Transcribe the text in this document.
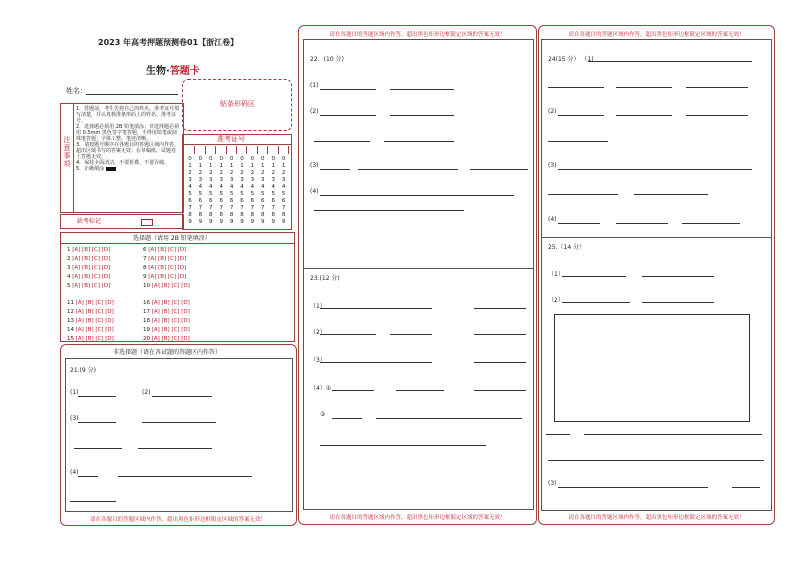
2023 年高考押题预测卷01【浙江卷】
生物·答题卡
姓名：
贴条形码区
注意事项
1．答题前，考生先将自己的姓名、准考证号填写清楚，并认真核准条形码上的姓名、准考证号。
2．选择题必须用 2B 铅笔填涂；非选择题必须用 0.5mm 黑色签字笔答题，不得用铅笔或圆珠笔答题；字体工整、笔迹清晰。
3．请按题号顺序在各题目的答题区域内作答，超出区域书写的答案无效；在草稿纸、试题卷上答题无效。
4．保持卡面清洁，不要折叠、不要弄破。
5．正确填涂
准考证号
0
1
2
3
4
5
6
7
8
9
0
1
2
3
4
5
6
7
8
9
0
1
2
3
4
5
6
7
8
9
0
1
2
3
4
5
6
7
8
9
0
1
2
3
4
5
6
7
8
9
0
1
2
3
4
5
6
7
8
9
0
1
2
3
4
5
6
7
8
9
0
1
2
3
4
5
6
7
8
9
0
1
2
3
4
5
6
7
8
9
0
1
2
3
4
5
6
7
8
9
缺考标记
选择题（请用 2B 铅笔填涂）
1 [A] [B] [C] [D]
2 [A] [B] [C] [D]
3 [A] [B] [C] [D]
4 [A] [B] [C] [D]
5 [A] [B] [C] [D]
6 [A] [B] [C] [D]
7 [A] [B] [C] [D]
8 [A] [B] [C] [D]
9 [A] [B] [C] [D]
10 [A] [B] [C] [D]
11 [A] [B] [C] [D]
12 [A] [B] [C] [D]
13 [A] [B] [C] [D]
14 [A] [B] [C] [D]
15 [A] [B] [C] [D]
16 [A] [B] [C] [D]
17 [A] [B] [C] [D]
18 [A] [B] [C] [D]
19 [A] [B] [C] [D]
20 [A] [B] [C] [D]
非选择题（请在各试题的答题区内作答）
21.(9 分)
(1)	(2)
(3)
(4)
请在各题目的答题区域内作答，超出黑色矩形边框限定区域的答案无效！
请在各题目的答题区域内作答，超出黑色矩形边框限定区域的答案无效！
22．(10 分)
(1)
(2)
(3)
(4)
23.(12 分)
（1）
（2）
（3）
（4）①
②
请在各题目的答题区域内作答，超出黑色矩形边框限定区域的答案无效！
请在各题目的答题区域内作答，超出黑色矩形边框限定区域的答案无效！
24(15 分） （1)
(2)
(3)
(4)
25.（14 分）
（1）
（2）
(3)
请在各题目的答题区域内作答，超出黑色矩形边框限定区域的答案无效！
